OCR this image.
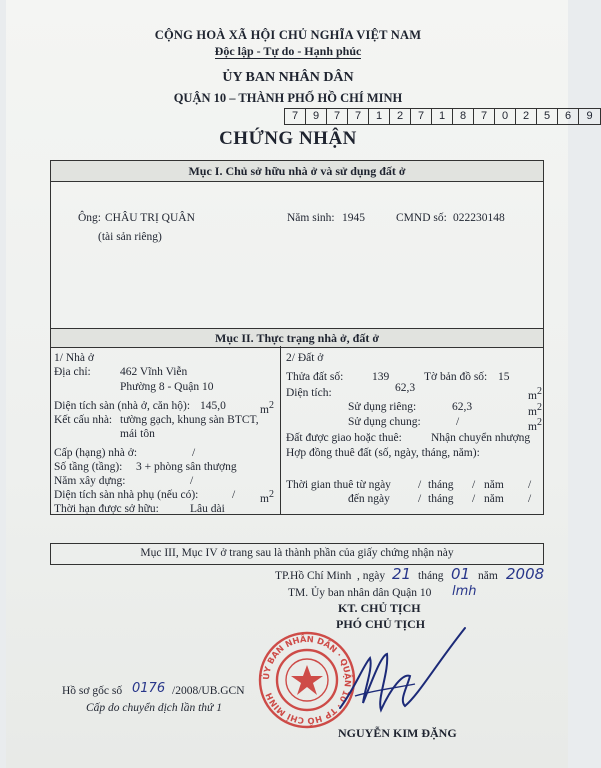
CỘNG HOÀ XÃ HỘI CHỦ NGHĨA VIỆT NAM
Độc lập - Tự do - Hạnh phúc
ỦY BAN NHÂN DÂN
QUẬN 10 – THÀNH PHỐ HỒ CHÍ MINH
7	9	7	7	1	2	7	1	8	7	0	2	5	6	9
CHỨNG NHẬN
Mục I. Chủ sở hữu nhà ở và sử dụng đất ở
Ông: CHÂU TRỊ QUÂN
(tài sản riêng)
Năm sinh: 1945	CMND số: 022230148
Mục II. Thực trạng nhà ở, đất ở
1/ Nhà ở
Địa chỉ:	462 Vĩnh Viễn
Phường 8 - Quận 10
Diện tích sàn (nhà ở, căn hộ): 145,0	$m^2$
Kết cấu nhà: tường gạch, khung sàn BTCT,
mái tôn
Cấp (hạng) nhà ở:	/
Số tầng (tầng): 3 + phòng sân thượng
Năm xây dựng:	/
Diện tích sàn nhà phụ (nếu có):	/ $m^2$
Thời hạn được sở hữu:	Lâu dài
2/ Đất ở
Thửa đất số: 139	Tờ bản đồ số: 15
Diện tích:	62,3
$m^2$
Sử dụng riêng:	62,3	$m^2$
Sử dụng chung:	/	$m^2$
Đất được giao hoặc thuê:	Nhận chuyển nhượng
Hợp đồng thuê đất (số, ngày, tháng, năm):
Thời gian thuê từ ngày / tháng / năm /
đến ngày / tháng / năm /
Mục III, Mục IV ở trang sau là thành phần của giấy chứng nhận này
TP.Hồ Chí Minh , ngày 21 tháng 01 năm 2008
TM. Ủy ban nhân dân Quận 10 lmh
KT. CHỦ TỊCH
PHÓ CHỦ TỊCH
ỦY BAN NHÂN DÂN · QUẬN 10 · TP HỒ CHÍ MINH
NGUYỄN KIM ĐẶNG
Hồ sơ gốc số 0176 /2008/UB.GCN
Cấp do chuyển dịch lần thứ 1
